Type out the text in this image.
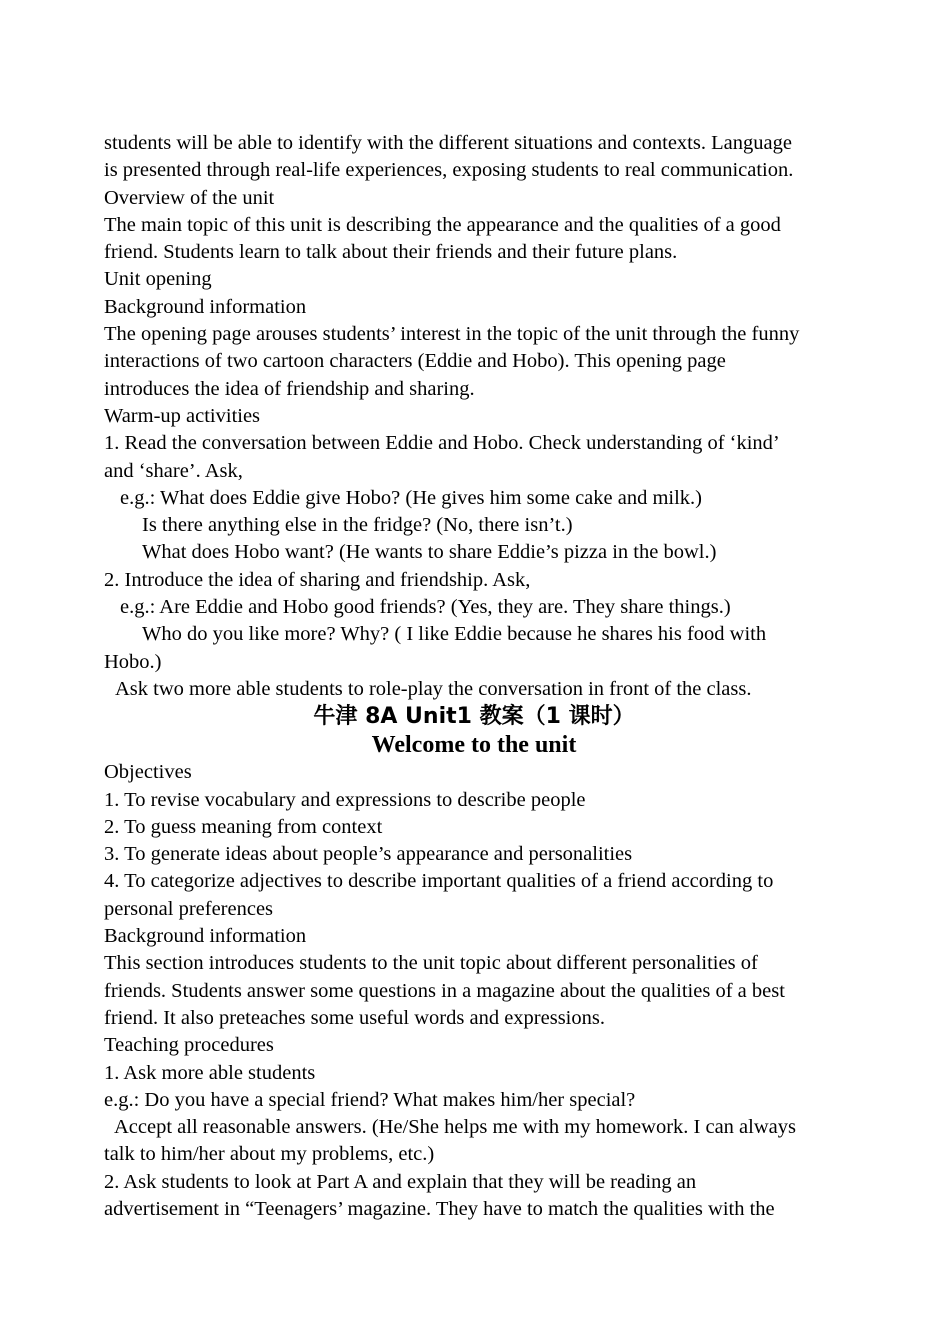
students will be able to identify with the different situations and contexts. Language
is presented through real-life experiences, exposing students to real communication.
Overview of the unit
The main topic of this unit is describing the appearance and the qualities of a good
friend. Students learn to talk about their friends and their future plans.
Unit opening
Background information
The opening page arouses students’ interest in the topic of the unit through the funny
interactions of two cartoon characters (Eddie and Hobo). This opening page
introduces the idea of friendship and sharing.
Warm-up activities
1. Read the conversation between Eddie and Hobo. Check understanding of ‘kind’
and ‘share’. Ask,
e.g.: What does Eddie give Hobo? (He gives him some cake and milk.)
Is there anything else in the fridge? (No, there isn’t.)
What does Hobo want? (He wants to share Eddie’s pizza in the bowl.)
2. Introduce the idea of sharing and friendship. Ask,
e.g.: Are Eddie and Hobo good friends? (Yes, they are. They share things.)
Who do you like more? Why? ( I like Eddie because he shares his food with
Hobo.)
Ask two more able students to role-play the conversation in front of the class.
牛津 8A Unit1 教案（1 课时）
Welcome to the unit
Objectives
1. To revise vocabulary and expressions to describe people
2. To guess meaning from context
3. To generate ideas about people’s appearance and personalities
4. To categorize adjectives to describe important qualities of a friend according to
personal preferences
Background information
This section introduces students to the unit topic about different personalities of
friends. Students answer some questions in a magazine about the qualities of a best
friend. It also preteaches some useful words and expressions.
Teaching procedures
1. Ask more able students
e.g.: Do you have a special friend? What makes him/her special?
Accept all reasonable answers. (He/She helps me with my homework. I can always
talk to him/her about my problems, etc.)
2. Ask students to look at Part A and explain that they will be reading an
advertisement in “Teenagers’ magazine. They have to match the qualities with the
